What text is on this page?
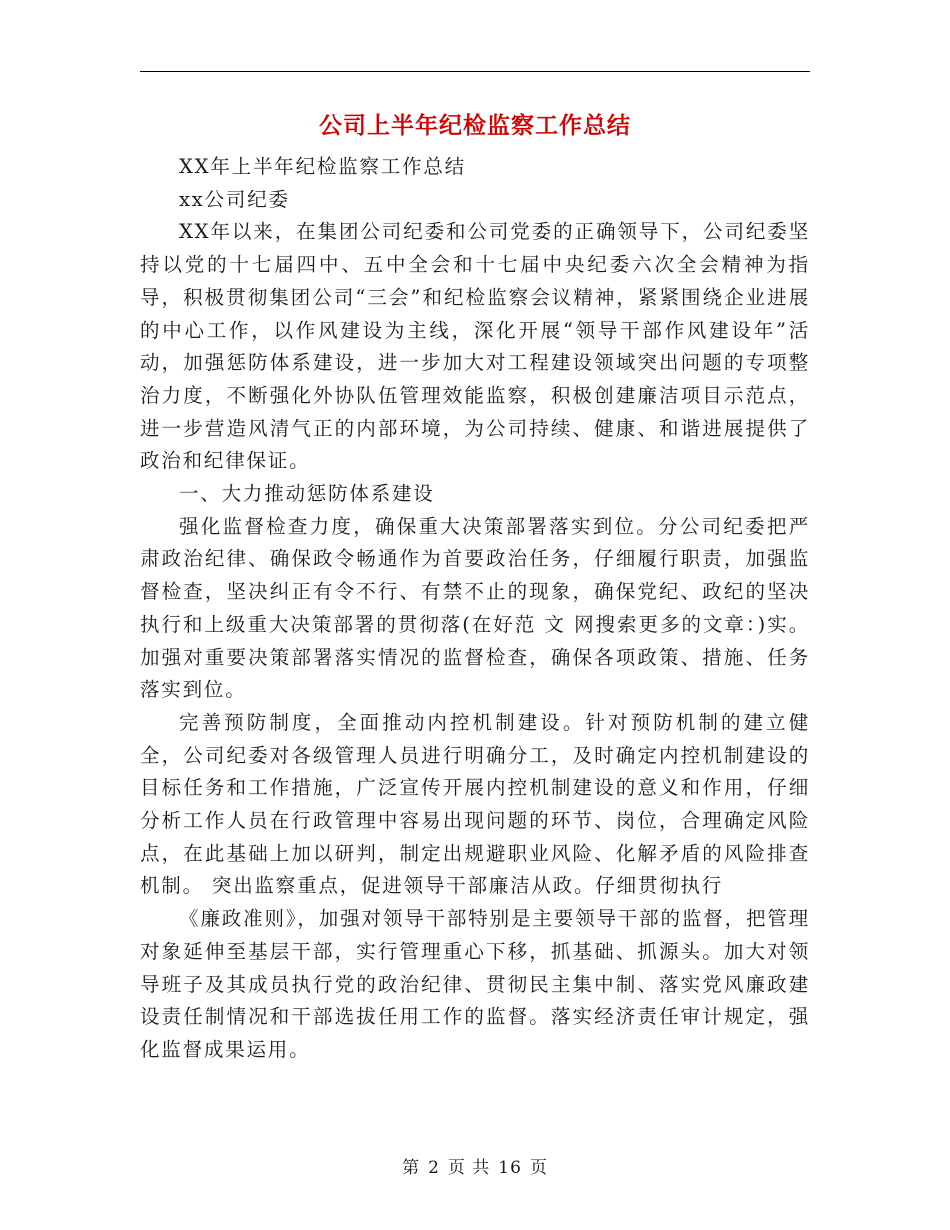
公司上半年纪检监察工作总结

XX年上半年纪检监察工作总结

xx公司纪委

XX年以来，在集团公司纪委和公司党委的正确领导下，公司纪委坚持以党的十七届四中、五中全会和十七届中央纪委六次全会精神为指导，积极贯彻集团公司“三会”和纪检监察会议精神，紧紧围绕企业进展的中心工作，以作风建设为主线，深化开展“领导干部作风建设年”活动，加强惩防体系建设，进一步加大对工程建设领域突出问题的专项整治力度，不断强化外协队伍管理效能监察，积极创建廉洁项目示范点，进一步营造风清气正的内部环境，为公司持续、健康、和谐进展提供了政治和纪律保证。

一、大力推动惩防体系建设

强化监督检查力度，确保重大决策部署落实到位。分公司纪委把严肃政治纪律、确保政令畅通作为首要政治任务，仔细履行职责，加强监督检查，坚决纠正有令不行、有禁不止的现象，确保党纪、政纪的坚决执行和上级重大决策部署的贯彻落(在好范 文 网搜索更多的文章：)实。加强对重要决策部署落实情况的监督检查，确保各项政策、措施、任务落实到位。

完善预防制度，全面推动内控机制建设。针对预防机制的建立健全，公司纪委对各级管理人员进行明确分工，及时确定内控机制建设的目标任务和工作措施，广泛宣传开展内控机制建设的意义和作用，仔细分析工作人员在行政管理中容易出现问题的环节、岗位，合理确定风险点，在此基础上加以研判，制定出规避职业风险、化解矛盾的风险排查机制。 突出监察重点，促进领导干部廉洁从政。仔细贯彻执行

《廉政准则》，加强对领导干部特别是主要领导干部的监督，把管理对象延伸至基层干部，实行管理重心下移，抓基础、抓源头。加大对领导班子及其成员执行党的政治纪律、贯彻民主集中制、落实党风廉政建设责任制情况和干部选拔任用工作的监督。落实经济责任审计规定，强化监督成果运用。

第 2 页 共 16 页
